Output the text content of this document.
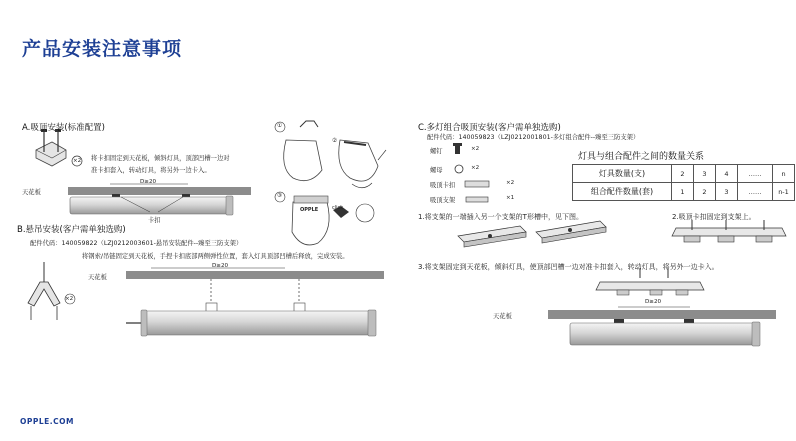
产品安装注意事项
OPPLE.COM
A.吸顶安装(标准配置)
×2 将卡扣固定到天花板，倾斜灯具，顶部凹槽一边对
准卡扣套入，转动灯具，将另外一边卡入。
天花板
D≥20
卡扣
①
②
③
OPPLE	click
B.悬吊安装(客户需单独选购)
配件代码：140059822（LZJ0212003601-悬吊安装配件--臻至三防支架）
将钢索/吊链固定到天花板，手捏卡扣底部两侧弹性位置，套入灯具顶部凹槽后释放，完成安装。
×2
天花板
D≥20
C.多灯组合吸顶安装(客户需单独选购)
配件代码：140059823（LZJ0212001801-多灯组合配件--臻至三防支架）
螺钉	×2
螺母	×2
吸顶卡扣	×2
吸顶支架	×1
灯具与组合配件之间的数量关系
灯具数量(支)	2	3	4	……	n
组合配件数量(套)	1	2	3	……	n-1
1.将支架的一端插入另一个支架的T形槽中，见下图。	2.吸顶卡扣固定到支架上。
3.将支架固定到天花板，倾斜灯具，使顶部凹槽一边对准卡扣套入，转动灯具，将另外一边卡入。
天花板
D≥20
